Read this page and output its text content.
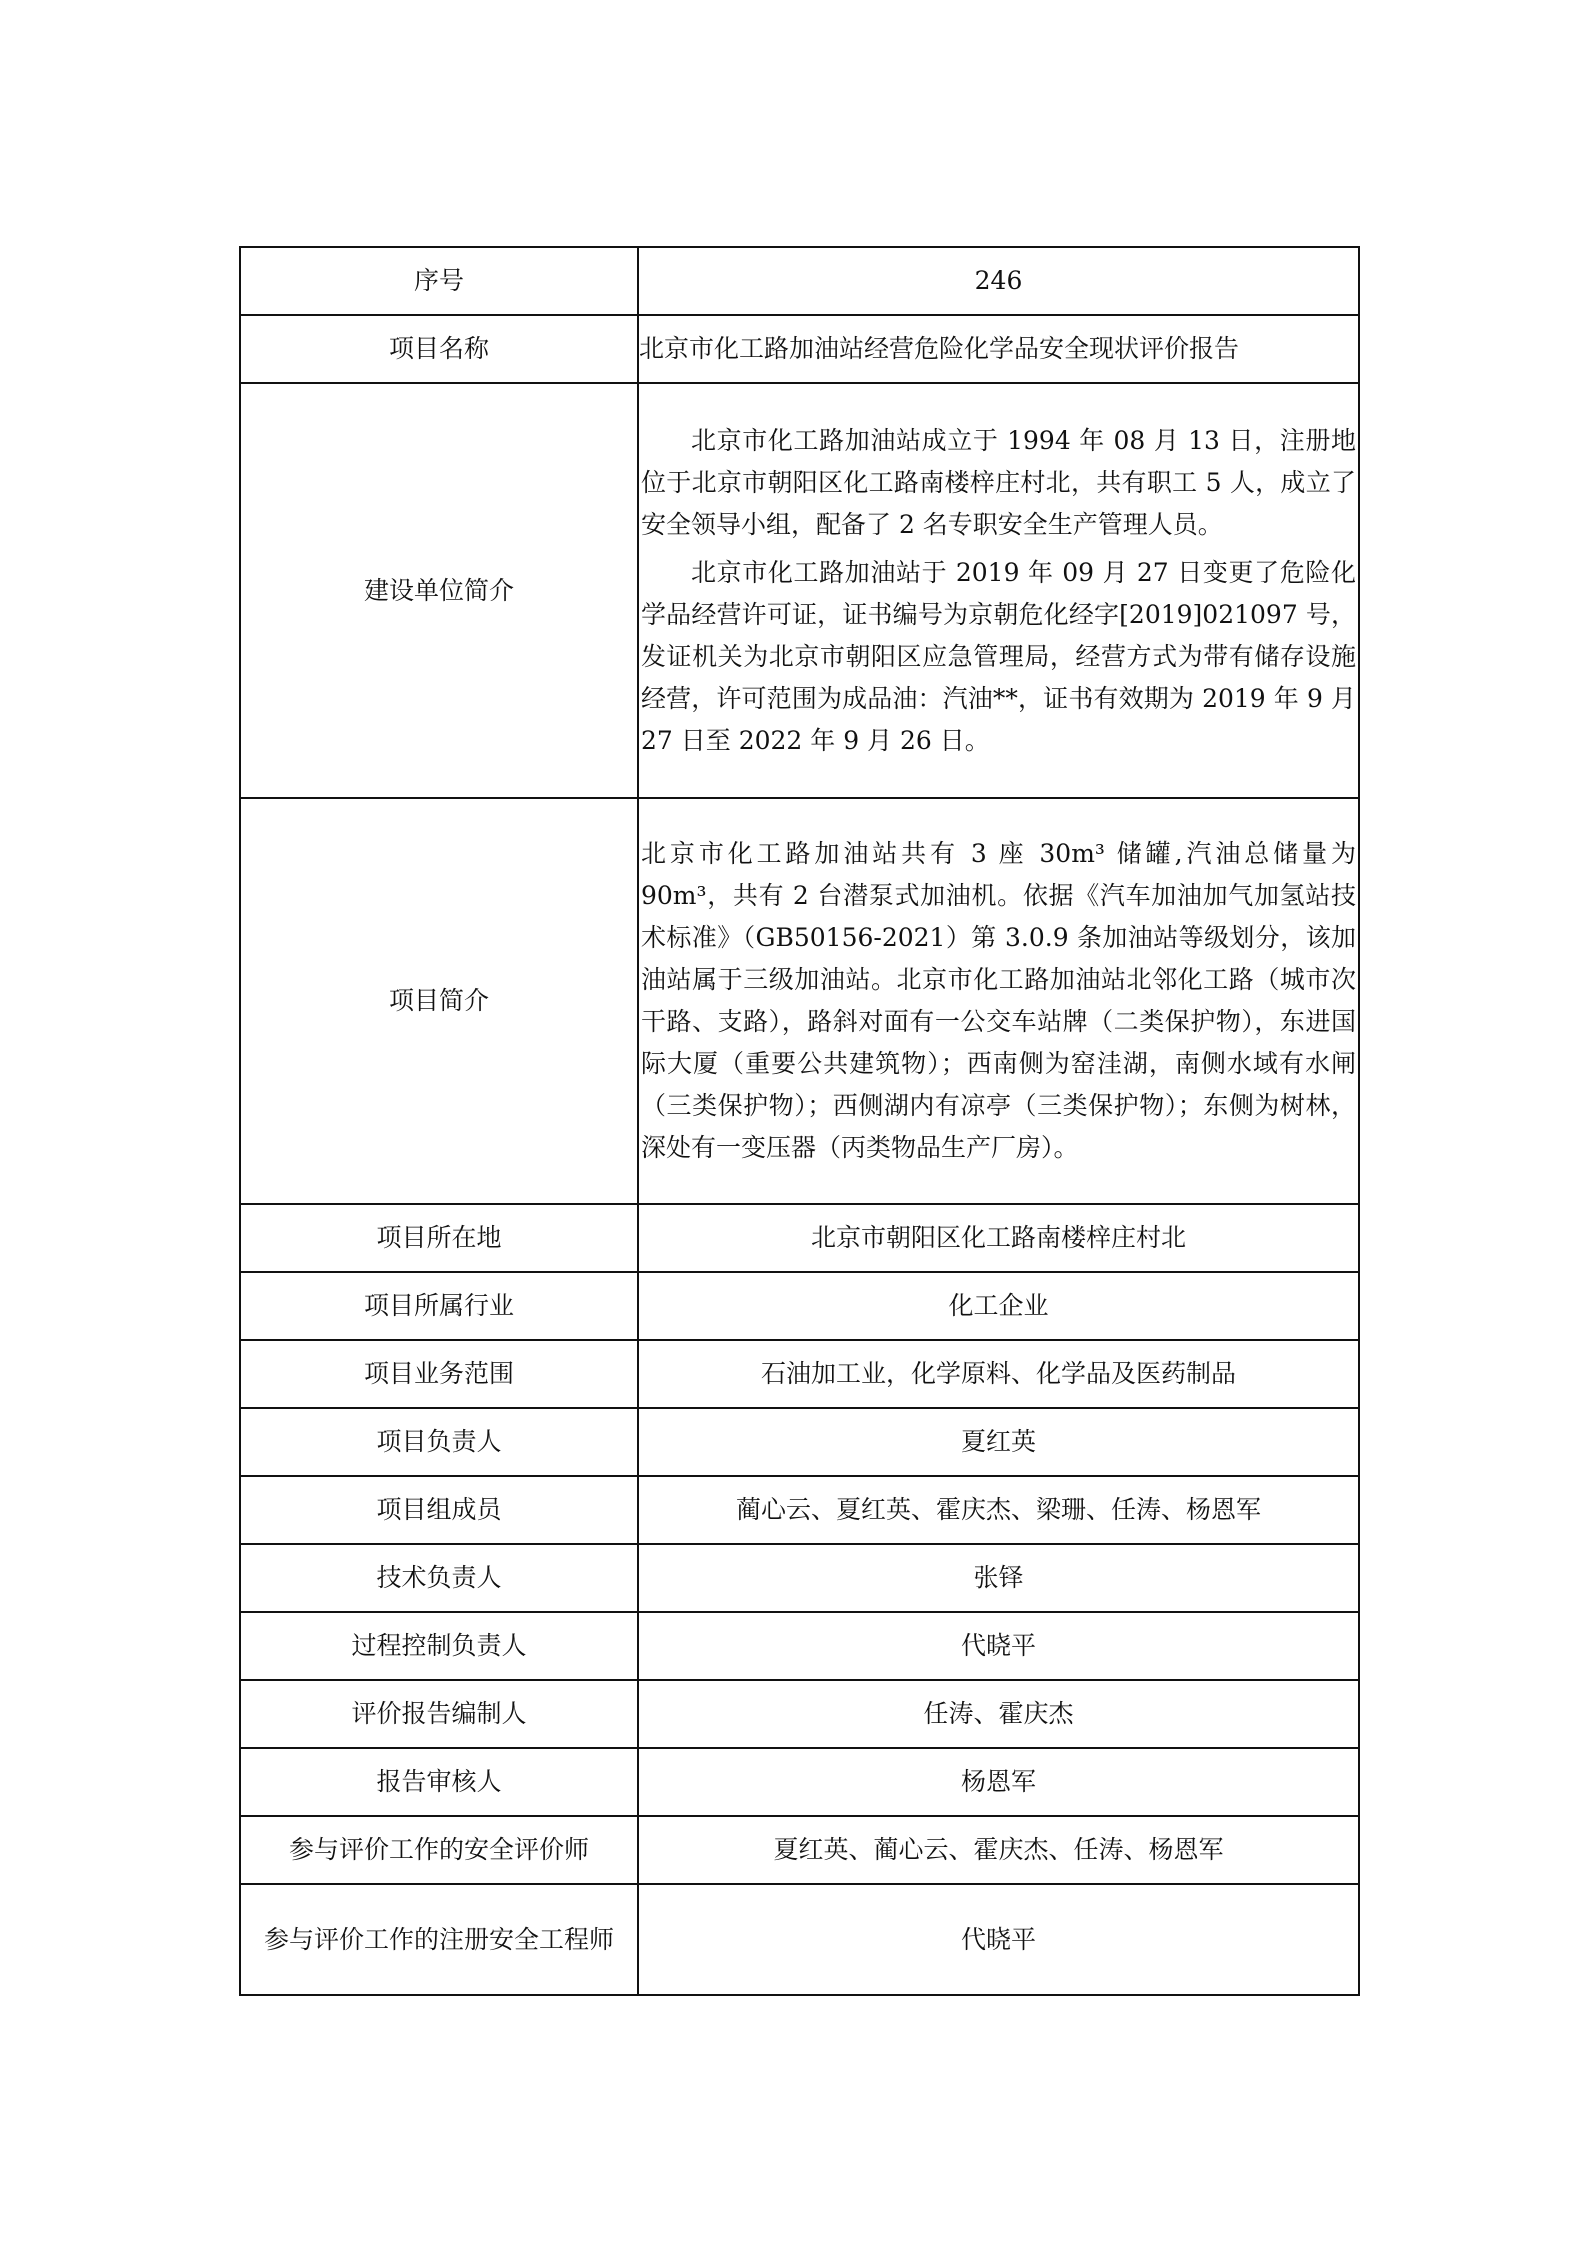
序号	246
项目名称	北京市化工路加油站经营危险化学品安全现状评价报告
建设单位简介	北京市化工路加油站成立于 1994 年 08 月 13 日，注册地位于北京市朝阳区化工路南楼梓庄村北，共有职工 5 人，成立了安全领导小组，配备了 2 名专职安全生产管理人员。

北京市化工路加油站于 2019 年 09 月 27 日变更了危险化学品经营许可证，证书编号为京朝危化经字[2019]021097 号，发证机关为北京市朝阳区应急管理局，经营方式为带有储存设施经营，许可范围为成品油：汽油**，证书有效期为 2019 年 9 月 27 日至 2022 年 9 月 26 日。

项目简介	北京市化工路加油站共有 3 座 30m³ 储罐,汽油总储量为 90m³，共有 2 台潜泵式加油机。依据《汽车加油加气加氢站技术标准》（GB50156-2021）第 3.0.9 条加油站等级划分，该加油站属于三级加油站。北京市化工路加油站北邻化工路（城市次干路、支路），路斜对面有一公交车站牌（二类保护物），东进国际大厦（重要公共建筑物）；西南侧为窑洼湖，南侧水域有水闸（三类保护物）；西侧湖内有凉亭（三类保护物）；东侧为树林，深处有一变压器（丙类物品生产厂房）。
项目所在地	北京市朝阳区化工路南楼梓庄村北
项目所属行业	化工企业
项目业务范围	石油加工业，化学原料、化学品及医药制品
项目负责人	夏红英
项目组成员	蔺心云、夏红英、霍庆杰、梁珊、任涛、杨恩军
技术负责人	张铎
过程控制负责人	代晓平
评价报告编制人	任涛、霍庆杰
报告审核人	杨恩军
参与评价工作的安全评价师	夏红英、蔺心云、霍庆杰、任涛、杨恩军
参与评价工作的注册安全工程师	代晓平
